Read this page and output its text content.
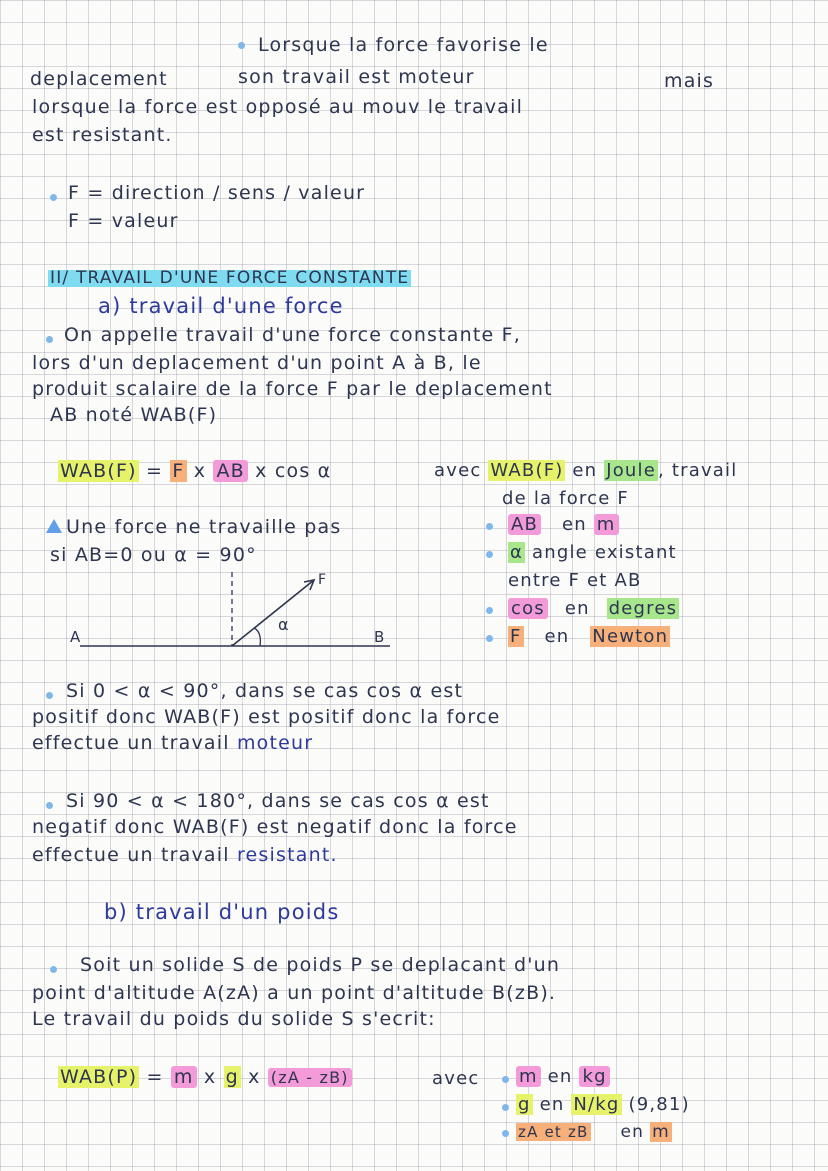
Lorsque la force favorise le
deplacement	son travail est moteur	mais
lorsque la force est opposé au mouv le travail
est resistant.
F = direction / sens / valeur
F = valeur
II/ TRAVAIL D'UNE FORCE CONSTANTE
a) travail d'une force
On appelle travail d'une force constante F,
lors d'un deplacement d'un point A à B, le
produit scalaire de la force F par le deplacement
AB noté WAB(F)
WAB(F) = F x AB x cos α	avec WAB(F) en Joule , travail
de la force F
AB en m
α angle existant
entre F et AB
cos en degres
F en Newton
Une force ne travaille pas
si AB=0 ou α = 90°
A	B
F
α
Si 0 < α < 90°, dans se cas cos α est
positif donc WAB(F) est positif donc la force
effectue un travail moteur
Si 90 < α < 180°, dans se cas cos α est
negatif donc WAB(F) est negatif donc la force
effectue un travail resistant.
b) travail d'un poids
Soit un solide S de poids P se deplacant d'un
point d'altitude A(zA) a un point d'altitude B(zB).
Le travail du poids du solide S s'ecrit:
WAB(P) = m x g x (zA - zB)	avec m en kg
g en N/kg (9,81)
zA et zB en m
